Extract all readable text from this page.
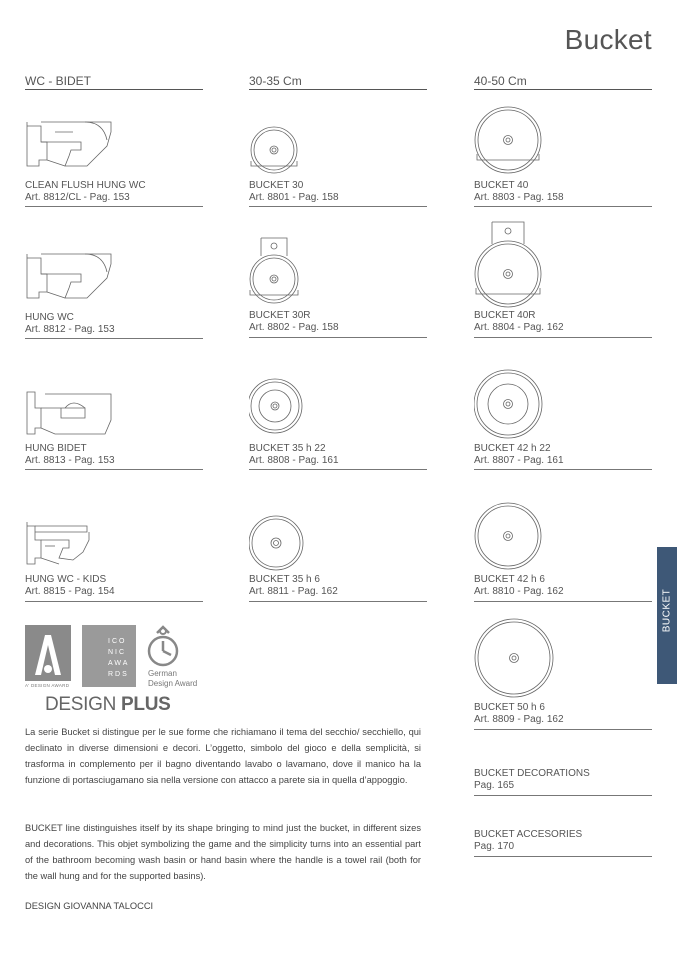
Bucket
WC - BIDET	30-35 Cm	40-50 Cm
CLEAN FLUSH HUNG WC
Art. 8812/CL - Pag. 153
HUNG WC
Art. 8812 - Pag. 153
HUNG BIDET
Art. 8813 - Pag. 153
HUNG WC - KIDS
Art. 8815 - Pag. 154
BUCKET 30
Art. 8801 - Pag. 158
BUCKET 30R
Art. 8802 - Pag. 158
BUCKET 35 h 22
Art. 8808 - Pag. 161
BUCKET 35 h 6
Art. 8811 - Pag. 162
BUCKET 40
Art. 8803 - Pag. 158
BUCKET 40R
Art. 8804 - Pag. 162
BUCKET 42 h 22
Art. 8807 - Pag. 161
BUCKET 42 h 6
Art. 8810 - Pag. 162
BUCKET 50 h 6
Art. 8809 - Pag. 162
BUCKET DECORATIONS
Pag. 165
BUCKET ACCESORIES
Pag. 170
BUCKET
A' DESIGN AWARD
ICO
NIC
AWA
RDS German
Design Award
DESIGN PLUS
La serie Bucket si distingue per le sue forme che richiamano il tema del secchio/ secchiello, qui declinato in diverse dimensioni e decori. L’oggetto, simbolo del gioco e della semplicità, si trasforma in complemento per il bagno diventando lavabo o lavamano, dove il manico ha la funzione di portasciugamano sia nella versione con attacco a parete sia in quella d’appoggio.
BUCKET line distinguishes itself by its shape bringing to mind just the bucket, in different sizes and decorations. This objet symbolizing the game and the simplicity turns into an essential part of the bathroom becoming wash basin or hand basin where the handle is a towel rail (both for the wall hung and for the supported basins).
DESIGN GIOVANNA TALOCCI
